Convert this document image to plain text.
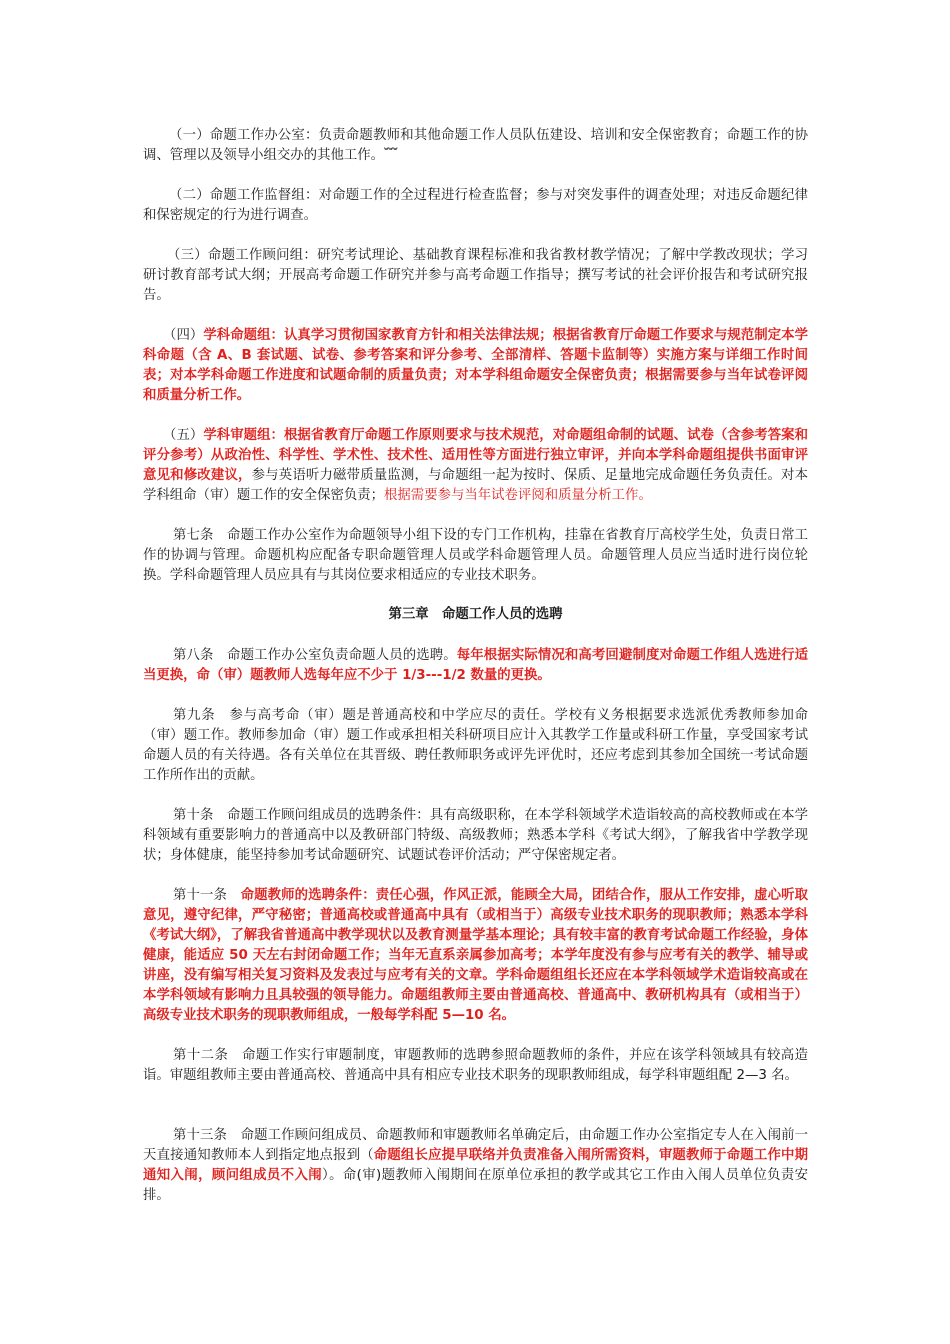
（一）命题工作办公室：负责命题教师和其他命题工作人员队伍建设、培训和安全保密教育；命题工作的协调、管理以及领导小组交办的其他工作。﹌

（二）命题工作监督组：对命题工作的全过程进行检查监督；参与对突发事件的调查处理；对违反命题纪律和保密规定的行为进行调查。

（三）命题工作顾问组：研究考试理论、基础教育课程标准和我省教材教学情况；了解中学教改现状；学习研讨教育部考试大纲；开展高考命题工作研究并参与高考命题工作指导；撰写考试的社会评价报告和考试研究报告。

（四）学科命题组：认真学习贯彻国家教育方针和相关法律法规；根据省教育厅命题工作要求与规范制定本学科命题（含 A、B 套试题、试卷、参考答案和评分参考、全部清样、答题卡监制等）实施方案与详细工作时间表；对本学科命题工作进度和试题命制的质量负责；对本学科组命题安全保密负责；根据需要参与当年试卷评阅和质量分析工作。

（五）学科审题组：根据省教育厅命题工作原则要求与技术规范，对命题组命制的试题、试卷（含参考答案和评分参考）从政治性、科学性、学术性、技术性、适用性等方面进行独立审评，并向本学科命题组提供书面审评意见和修改建议，参与英语听力磁带质量监测，与命题组一起为按时、保质、足量地完成命题任务负责任。对本学科组命（审）题工作的安全保密负责；根据需要参与当年试卷评阅和质量分析工作。

第七条　命题工作办公室作为命题领导小组下设的专门工作机构，挂靠在省教育厅高校学生处，负责日常工作的协调与管理。命题机构应配备专职命题管理人员或学科命题管理人员。命题管理人员应当适时进行岗位轮换。学科命题管理人员应具有与其岗位要求相适应的专业技术职务。

第三章　命题工作人员的选聘

第八条　命题工作办公室负责命题人员的选聘。每年根据实际情况和高考回避制度对命题工作组人选进行适当更换，命（审）题教师人选每年应不少于 1/3---1/2 数量的更换。

第九条　参与高考命（审）题是普通高校和中学应尽的责任。学校有义务根据要求选派优秀教师参加命（审）题工作。教师参加命（审）题工作或承担相关科研项目应计入其教学工作量或科研工作量，享受国家考试命题人员的有关待遇。各有关单位在其晋级、聘任教师职务或评先评优时，还应考虑到其参加全国统一考试命题工作所作出的贡献。

第十条　命题工作顾问组成员的选聘条件：具有高级职称，在本学科领域学术造诣较高的高校教师或在本学科领域有重要影响力的普通高中以及教研部门特级、高级教师；熟悉本学科《考试大纲》，了解我省中学教学现状；身体健康，能坚持参加考试命题研究、试题试卷评价活动；严守保密规定者。

第十一条　命题教师的选聘条件：责任心强，作风正派，能顾全大局，团结合作，服从工作安排，虚心听取意见，遵守纪律，严守秘密；普通高校或普通高中具有（或相当于）高级专业技术职务的现职教师；熟悉本学科《考试大纲》，了解我省普通高中教学现状以及教育测量学基本理论；具有较丰富的教育考试命题工作经验，身体健康，能适应 50 天左右封闭命题工作；当年无直系亲属参加高考；本学年度没有参与应考有关的教学、辅导或讲座，没有编写相关复习资料及发表过与应考有关的文章。学科命题组组长还应在本学科领域学术造诣较高或在本学科领域有影响力且具较强的领导能力。命题组教师主要由普通高校、普通高中、教研机构具有（或相当于）高级专业技术职务的现职教师组成，一般每学科配 5—10 名。

第十二条　命题工作实行审题制度，审题教师的选聘参照命题教师的条件，并应在该学科领域具有较高造诣。审题组教师主要由普通高校、普通高中具有相应专业技术职务的现职教师组成，每学科审题组配 2—3 名。

第十三条　命题工作顾问组成员、命题教师和审题教师名单确定后，由命题工作办公室指定专人在入闱前一天直接通知教师本人到指定地点报到（命题组长应提早联络并负责准备入闱所需资料，审题教师于命题工作中期通知入闱，顾问组成员不入闱）。命(审)题教师入闱期间在原单位承担的教学或其它工作由入闱人员单位负责安排。
